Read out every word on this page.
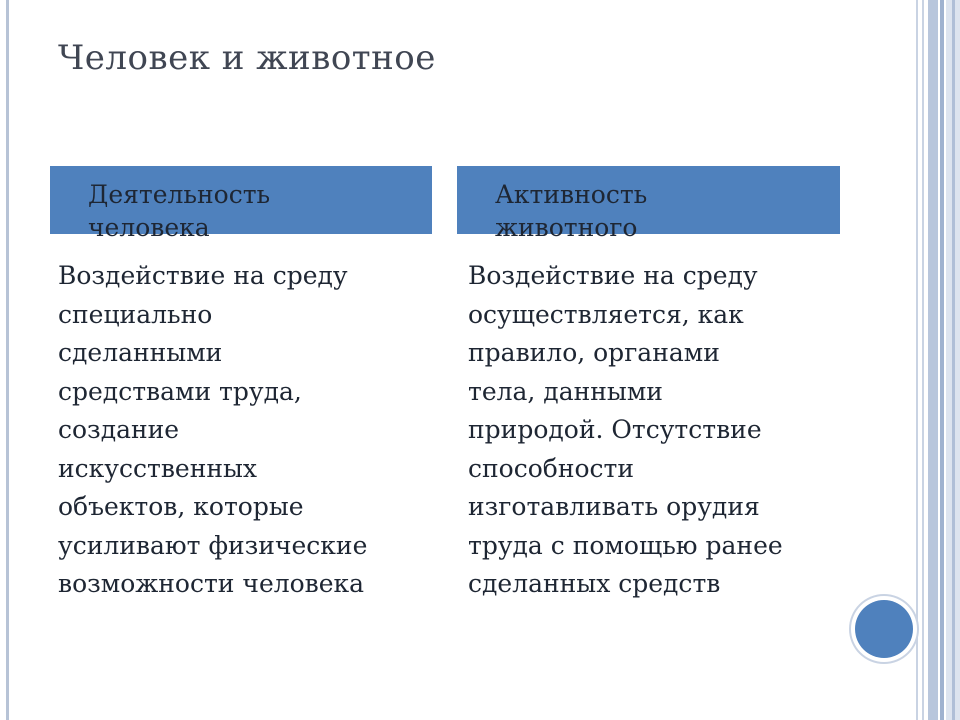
Человек и животное
Деятельность
человека
Активность
животного
Воздействие на среду
специально
сделанными
средствами труда,
создание
искусственных
объектов, которые
усиливают физические
возможности человека
Воздействие на среду
осуществляется, как
правило, органами
тела, данными
природой. Отсутствие
способности
изготавливать орудия
труда с помощью ранее
сделанных средств
